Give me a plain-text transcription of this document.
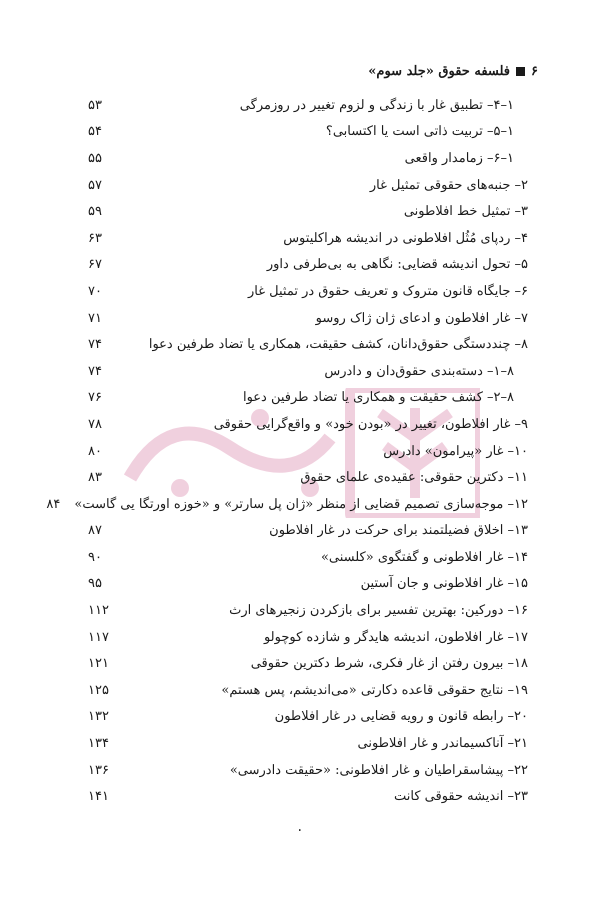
۶
فلسفه حقوق «جلد سوم»
۱–۴– تطبیق غار با زندگی و لزوم تغییر در روزمرگی
۵۳
۱–۵– تربیت ذاتی است یا اکتسابی؟
۵۴
۱–۶– زمامدار واقعی
۵۵
۲– جنبه‌های حقوقی تمثیل غار
۵۷
۳– تمثیل خط افلاطونی
۵۹
۴– ردپای مُثُل افلاطونی در اندیشه هراکلیتوس
۶۳
۵– تحول اندیشه قضایی: نگاهی به بی‌طرفی داور
۶۷
۶– جایگاه قانون متروک و تعریف حقوق در تمثیل غار
۷۰
۷– غار افلاطون و ادعای ژان ژاک روسو
۷۱
۸– چنددستگی حقوق‌دانان، کشف حقیقت، همکاری یا تضاد طرفین دعوا
۷۴
۸–۱– دسته‌بندی حقوق‌دان و دادرس
۷۴
۸–۲– کشف حقیقت و همکاری یا تضاد طرفین دعوا
۷۶
۹– غار افلاطون، تغییر در «بودن خود» و واقع‌گرایی حقوقی
۷۸
۱۰– غار «پیرامون» دادرس
۸۰
۱۱– دکترین حقوقی: عقیده‌ی علمای حقوق
۸۳
۱۲– موجه‌سازی تصمیم قضایی از منظر «ژان پل سارتر» و «خوزه اورتگا یی گاست»
۸۴
۱۳– اخلاق فضیلتمند برای حرکت در غار افلاطون
۸۷
۱۴– غار افلاطونی و گفتگوی «کلسنی»
۹۰
۱۵– غار افلاطونی و جان آستین
۹۵
۱۶– دورکین: بهترین تفسیر برای بازکردن زنجیرهای ارث
۱۱۲
۱۷– غار افلاطون، اندیشه هایدگر و شازده کوچولو
۱۱۷
۱۸– بیرون رفتن از غار فکری، شرط دکترین حقوقی
۱۲۱
۱۹– نتایج حقوقی قاعده دکارتی «می‌اندیشم، پس هستم»
۱۲۵
۲۰– رابطه قانون و رویه قضایی در غار افلاطون
۱۳۲
۲۱– آناکسیماندر و غار افلاطونی
۱۳۴
۲۲– پیشاسقراطیان و غار افلاطونی: «حقیقت دادرسی»
۱۳۶
۲۳– اندیشه حقوقی کانت
۱۴۱
۰
